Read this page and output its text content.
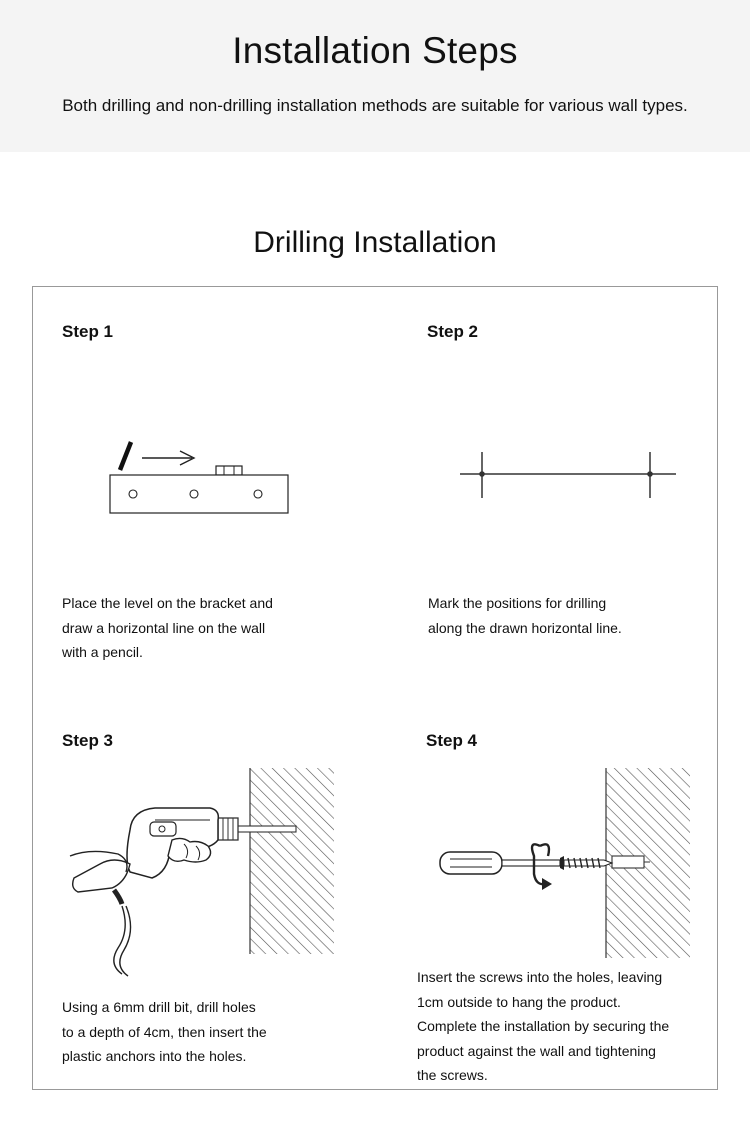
Installation Steps

Both drilling and non-drilling installation methods are suitable for various wall types.

Drilling Installation
Step 1
Place the level on the bracket and
draw a horizontal line on the wall
with a pencil.
Step 2
Mark the positions for drilling
along the drawn horizontal line.
Step 3
Using a 6mm drill bit, drill holes
to a depth of 4cm, then insert the
plastic anchors into the holes.
Step 4
Insert the screws into the holes, leaving
1cm outside to hang the product.
Complete the installation by securing the
product against the wall and tightening
the screws.
